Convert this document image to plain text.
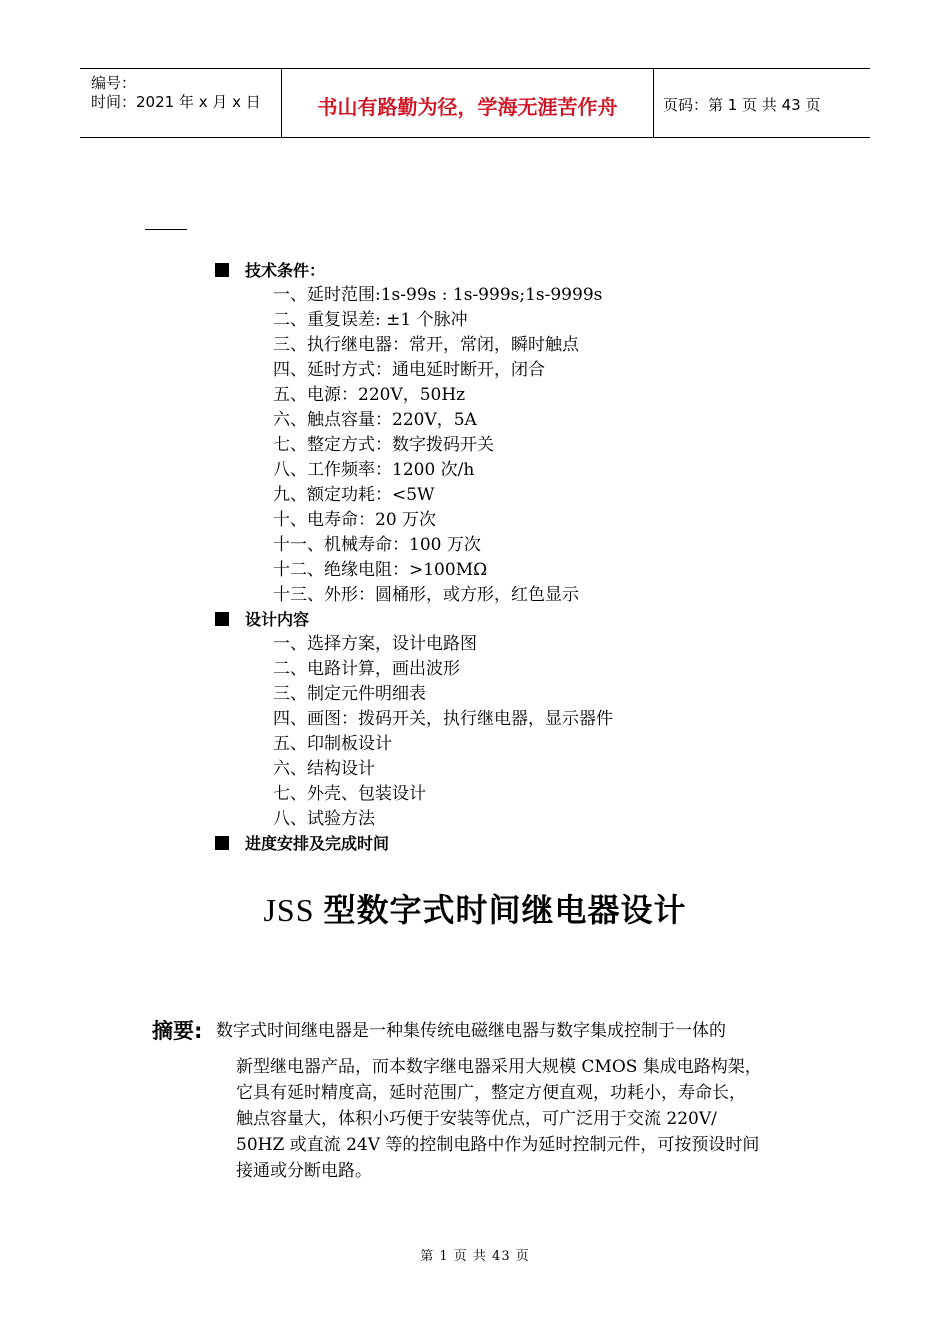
编号：
时间：2021 年 x 月 x 日	书山有路勤为径，学海无涯苦作舟	页码：第 1 页 共 43 页
技术条件：
一、延时范围:1s-99s : 1s-999s;1s-9999s
二、重复误差: ±1 个脉冲
三、执行继电器：常开，常闭，瞬时触点
四、延时方式：通电延时断开，闭合
五、电源：220V，50Hz
六、触点容量：220V，5A
七、整定方式：数字拨码开关
八、工作频率：1200 次/h
九、额定功耗：<5W
十、电寿命：20 万次
十一、机械寿命：100 万次
十二、绝缘电阻：>100MΩ
十三、外形：圆桶形，或方形，红色显示
设计内容
一、选择方案，设计电路图
二、电路计算，画出波形
三、制定元件明细表
四、画图：拨码开关，执行继电器，显示器件
五、印制板设计
六、结构设计
七、外壳、包装设计
八、试验方法
进度安排及完成时间
JSS 型数字式时间继电器设计
摘要: 数字式时间继电器是一种集传统电磁继电器与数字集成控制于一体的
新型继电器产品，而本数字继电器采用大规模 CMOS 集成电路构架，
它具有延时精度高，延时范围广，整定方便直观，功耗小，寿命长，
触点容量大，体积小巧便于安装等优点，可广泛用于交流 220V/
50HZ 或直流 24V 等的控制电路中作为延时控制元件，可按预设时间
接通或分断电路。
第 1 页 共 43 页
